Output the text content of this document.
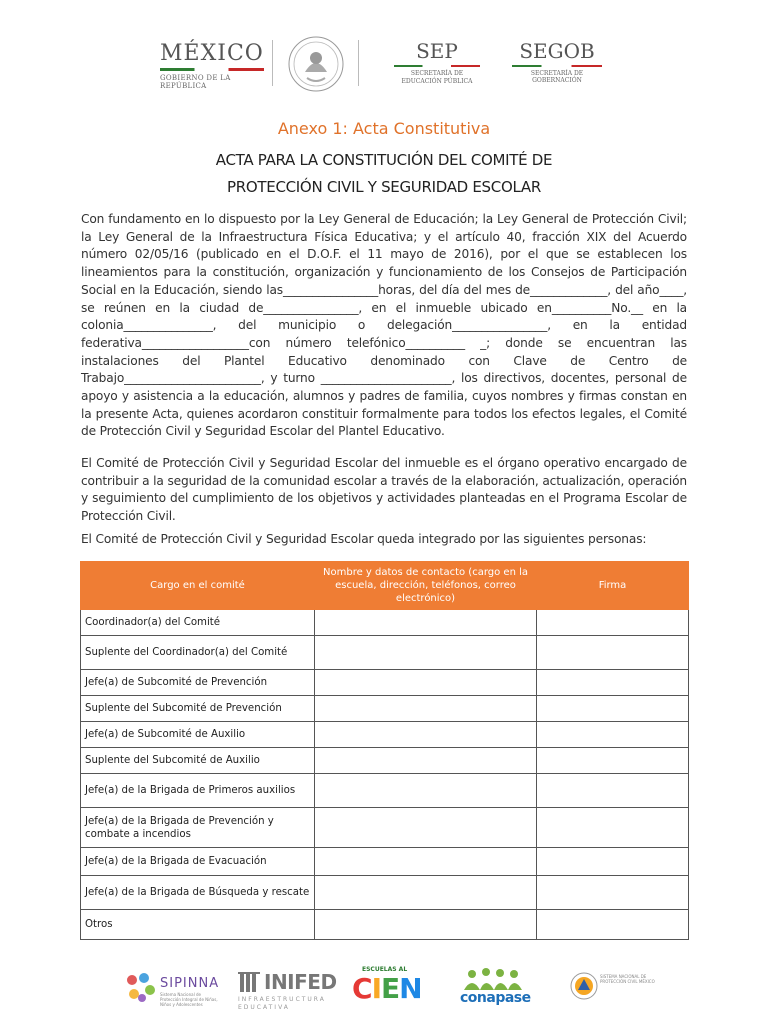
MÉXICO
GOBIERNO DE LA REPÚBLICA
SEP
SECRETARÍA DE
EDUCACIÓN PÚBLICA
SEGOB
SECRETARÍA DE GOBERNACIÓN
Anexo 1: Acta Constitutiva
ACTA PARA LA CONSTITUCIÓN DEL COMITÉ DE
PROTECCIÓN CIVIL Y SEGURIDAD ESCOLAR
Con fundamento en lo dispuesto por la Ley General de Educación; la Ley General de Protección Civil; la Ley General de la Infraestructura Física Educativa; y el artículo 40, fracción XIX del Acuerdo número 02/05/16 (publicado en el D.O.F. el 11 mayo de 2016), por el que se establecen los lineamientos para la constitución, organización y funcionamiento de los Consejos de Participación Social en la Educación, siendo las________________horas, del día del mes de_____________, del año____, se reúnen en la ciudad de________________, en el inmueble ubicado en__________No.__ en la colonia_______________, del municipio o delegación________________, en la entidad federativa__________________con número telefónico__________ _; donde se encuentran las instalaciones del Plantel Educativo denominado con Clave de Centro de Trabajo_______________________, y turno ______________________, los directivos, docentes, personal de apoyo y asistencia a la educación, alumnos y padres de familia, cuyos nombres y firmas constan en la presente Acta, quienes acordaron constituir formalmente para todos los efectos legales, el Comité de Protección Civil y Seguridad Escolar del Plantel Educativo.
El Comité de Protección Civil y Seguridad Escolar del inmueble es el órgano operativo encargado de contribuir a la seguridad de la comunidad escolar a través de la elaboración, actualización, operación y seguimiento del cumplimiento de los objetivos y actividades planteadas en el Programa Escolar de Protección Civil.
El Comité de Protección Civil y Seguridad Escolar queda integrado por las siguientes personas:
Cargo en el comité	Nombre y datos de contacto (cargo en la escuela, dirección, teléfonos, correo electrónico)	Firma
Coordinador(a) del Comité		
Suplente del Coordinador(a) del Comité		
Jefe(a) de Subcomité de Prevención		
Suplente del Subcomité de Prevención		
Jefe(a) de Subcomité de Auxilio		
Suplente del Subcomité de Auxilio		
Jefe(a) de la Brigada de Primeros auxilios		
Jefe(a) de la Brigada de Prevención y combate a incendios		
Jefe(a) de la Brigada de Evacuación		
Jefe(a) de la Brigada de Búsqueda y rescate		
Otros		
SIPINNA
Sistema Nacional de Protección Integral de Niñas, Niños y Adolescentes
INIFED
INFRAESTRUCTURA EDUCATIVA
ESCUELAS AL
CIEN	conapase
SISTEMA NACIONAL DE PROTECCIÓN CIVIL MÉXICO
